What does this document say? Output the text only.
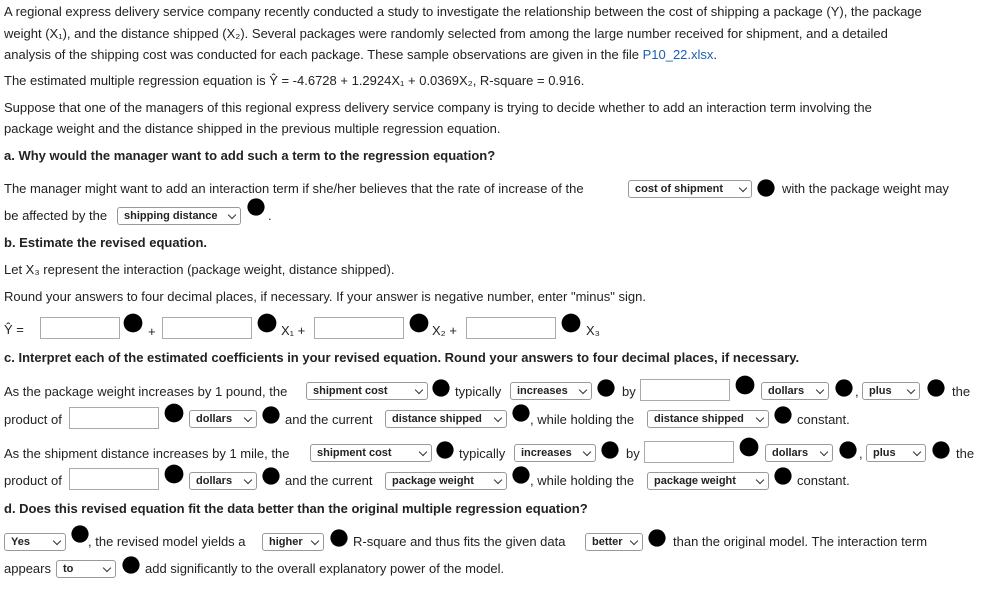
A regional express delivery service company recently conducted a study to investigate the relationship between the cost of shipping a package (Y), the package
weight (X₁), and the distance shipped (X₂). Several packages were randomly selected from among the large number received for shipment, and a detailed
analysis of the shipping cost was conducted for each package. These sample observations are given in the file P10_22.xlsx.
The estimated multiple regression equation is Ŷ = -4.6728 + 1.2924X₁ + 0.0369X₂, R-square = 0.916.
Suppose that one of the managers of this regional express delivery service company is trying to decide whether to add an interaction term involving the
package weight and the distance shipped in the previous multiple regression equation.
a. Why would the manager want to add such a term to the regression equation?
The manager might want to add an interaction term if she/her believes that the rate of increase of the	cost of shipment	with the package weight may
be affected by the	shipping distance	.
b. Estimate the revised equation.
Let X₃ represent the interaction (package weight, distance shipped).
Round your answers to four decimal places, if necessary. If your answer is negative number, enter "minus" sign.
Ŷ =	+	X₁ +	X₂ +	X₃
c. Interpret each of the estimated coefficients in your revised equation. Round your answers to four decimal places, if necessary.
As the package weight increases by 1 pound, the	shipment cost	typically	increases	by	dollars	, plus	the
product of	dollars	and the current	distance shipped	, while holding the	distance shipped	constant.
As the shipment distance increases by 1 mile, the	shipment cost	typically	increases	by	dollars	, plus	the
product of	dollars	and the current	package weight	, while holding the	package weight	constant.
d. Does this revised equation fit the data better than the original multiple regression equation?
Yes	, the revised model yields a	higher	R-square and thus fits the given data	better	than the original model. The interaction term
appears	to	add significantly to the overall explanatory power of the model.
